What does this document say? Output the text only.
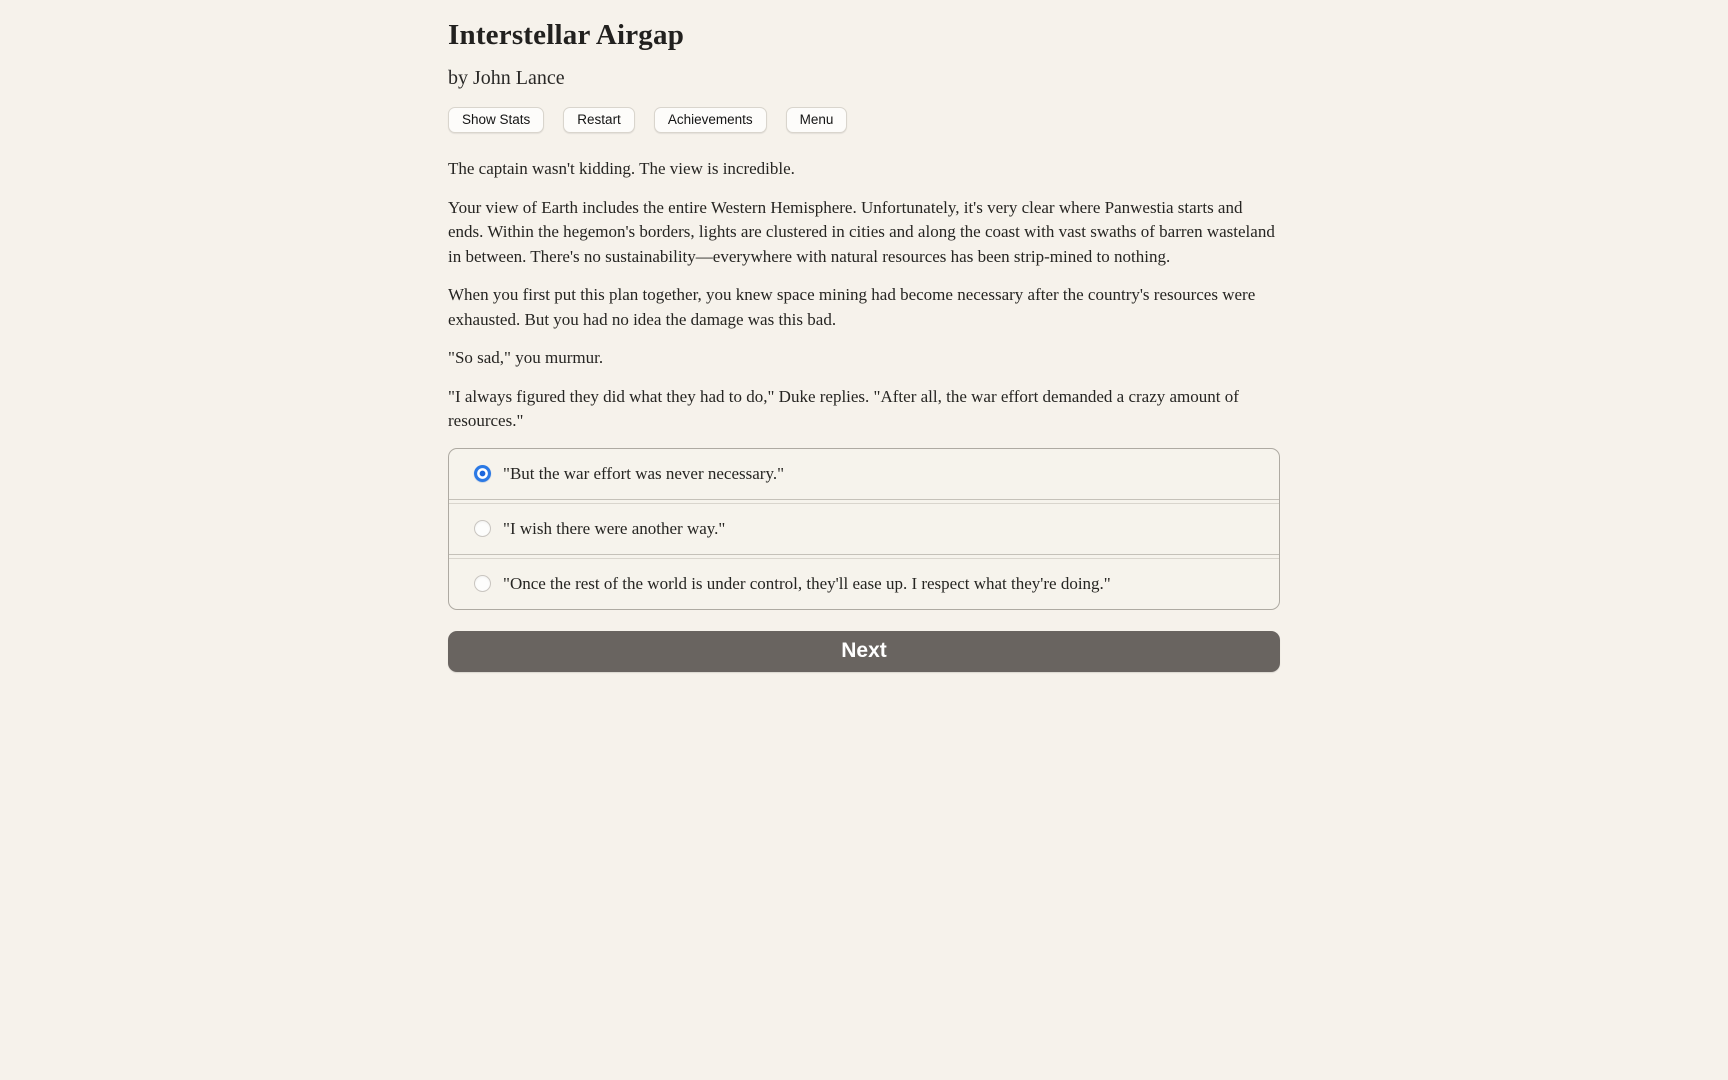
Interstellar Airgap
by John Lance
Show Stats	Restart	Achievements	Menu

The captain wasn't kidding. The view is incredible.

Your view of Earth includes the entire Western Hemisphere. Unfortunately, it's very clear where Panwestia starts and ends. Within the hegemon's borders, lights are clustered in cities and along the coast with vast swaths of barren wasteland in between. There's no sustainability—everywhere with natural resources has been strip-mined to nothing.

When you first put this plan together, you knew space mining had become necessary after the country's resources were exhausted. But you had no idea the damage was this bad.

"So sad," you murmur.

"I always figured they did what they had to do," Duke replies. "After all, the war effort demanded a crazy amount of resources."

"But the war effort was never necessary."
"I wish there were another way."
"Once the rest of the world is under control, they'll ease up. I respect what they're doing."
Next
